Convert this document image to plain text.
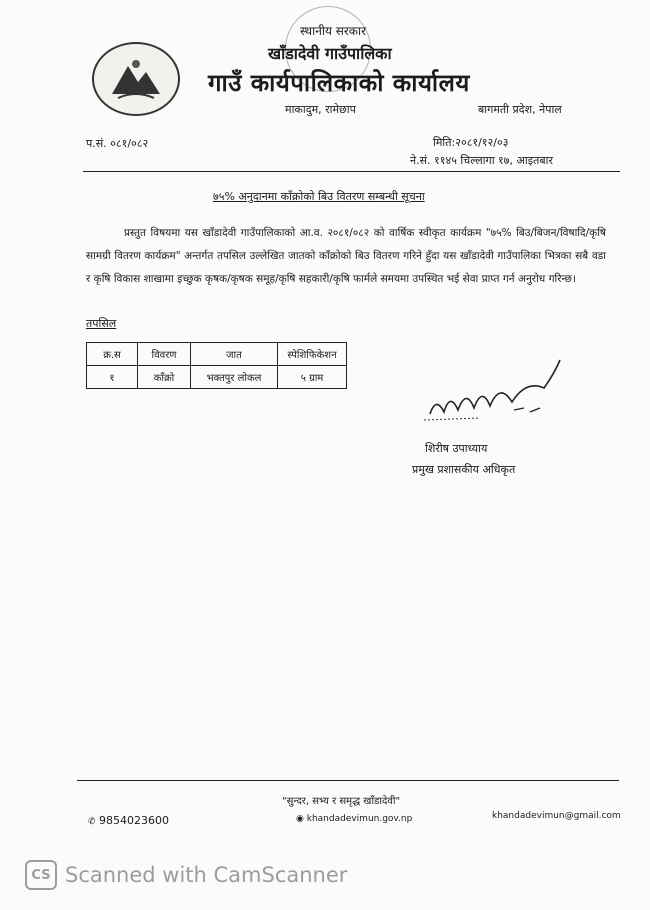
स्थानीय सरकार
खाँडादेवी गाउँपालिका
गाउँ कार्यपालिकाको कार्यालय
माकादुम, रामेछाप	बागमती प्रदेश, नेपाल
प.सं. ०८१/०८२	मिति:२०८१/१२/०३
ने.सं. ११४५ चिल्लागा १७, आइतबार
७५% अनुदानमा काँक्रोको बिउ वितरण सम्बन्धी सूचना
प्रस्तुत विषयमा यस खाँडादेवी गाउँपालिकाको आ.व. २०८१/०८२ को वार्षिक स्वीकृत कार्यक्रम "७५% बिउ/बिजन/विषादि/कृषि सामग्री वितरण कार्यक्रम" अन्तर्गत तपसिल उल्लेखित जातको काँक्रोको बिउ वितरण गरिने हुँदा यस खाँडादेवी गाउँपालिका भित्रका सबै वडा र कृषि विकास शाखामा इच्छुक कृषक/कृषक समूह/कृषि सहकारी/कृषि फार्मले समयमा उपस्थित भई सेवा प्राप्त गर्न अनुरोध गरिन्छ।
तपसिल
क्र.स	विवरण	जात	स्पेशिफिकेशन
१	काँक्रो	भक्तपुर लोकल	५ ग्राम
शिरीष उपाध्याय
प्रमुख प्रशासकीय अधिकृत
"सुन्दर, सभ्य र समृद्ध खाँडादेवी"
✆ 9854023600	◉ khandadevimun.gov.np	khandadevimun@gmail.com
CS Scanned with CamScanner
